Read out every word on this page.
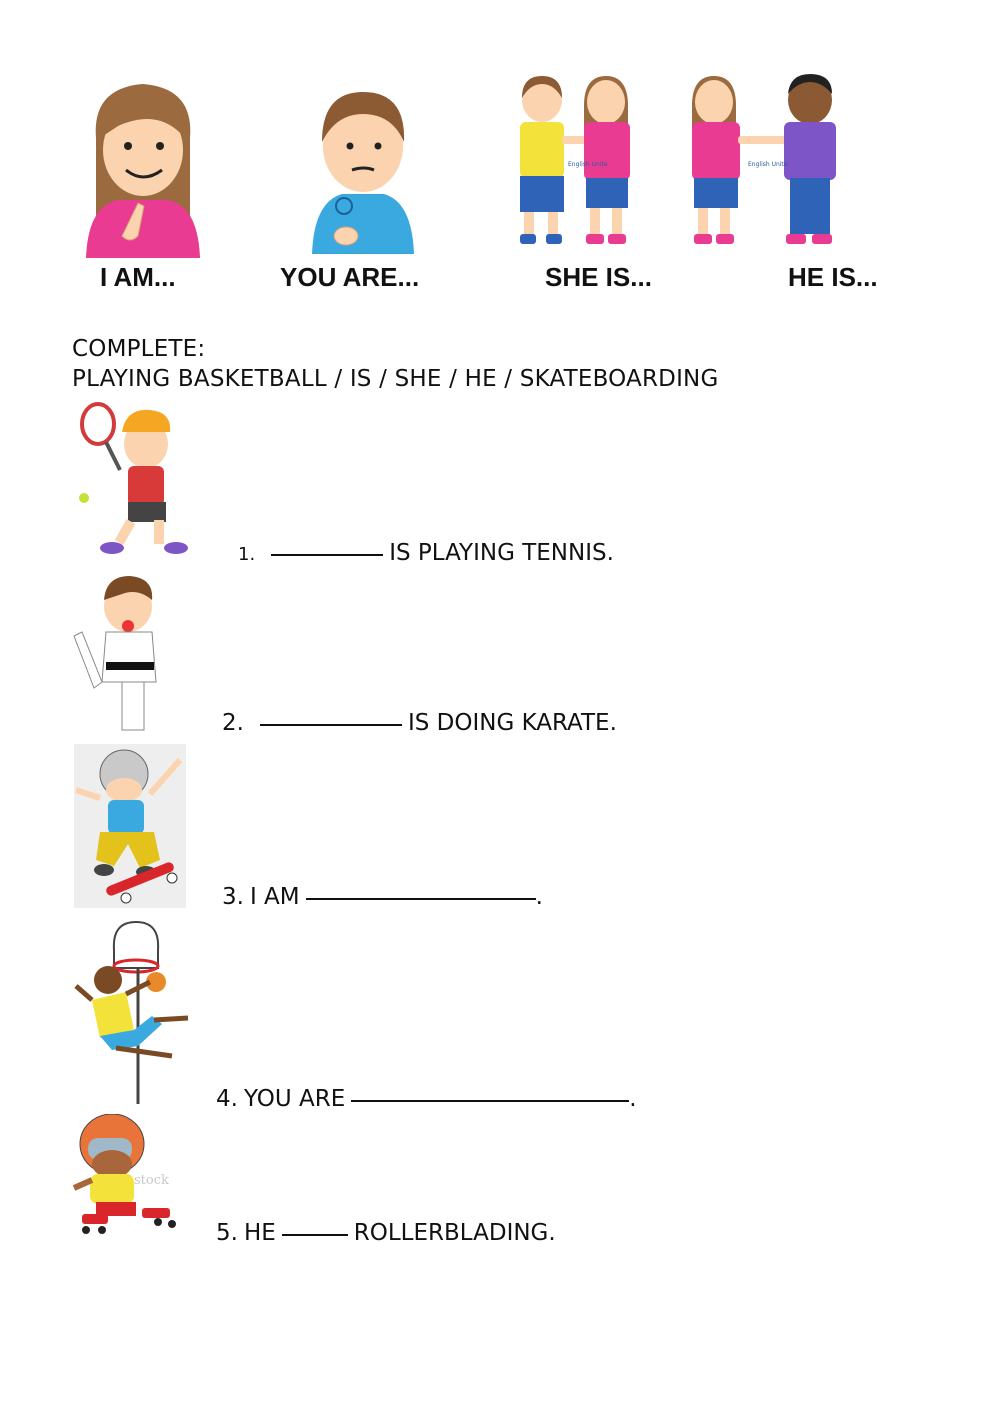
English Unite	English Unite
I AM...	YOU ARE...	SHE IS...	HE IS...
COMPLETE:
PLAYING BASKETBALL / IS / SHE / HE / SKATEBOARDING
1.	IS PLAYING TENNIS.
2.	IS DOING KARATE.
3. I AM	.
4. YOU ARE	.
stock
5. HE	ROLLERBLADING.
